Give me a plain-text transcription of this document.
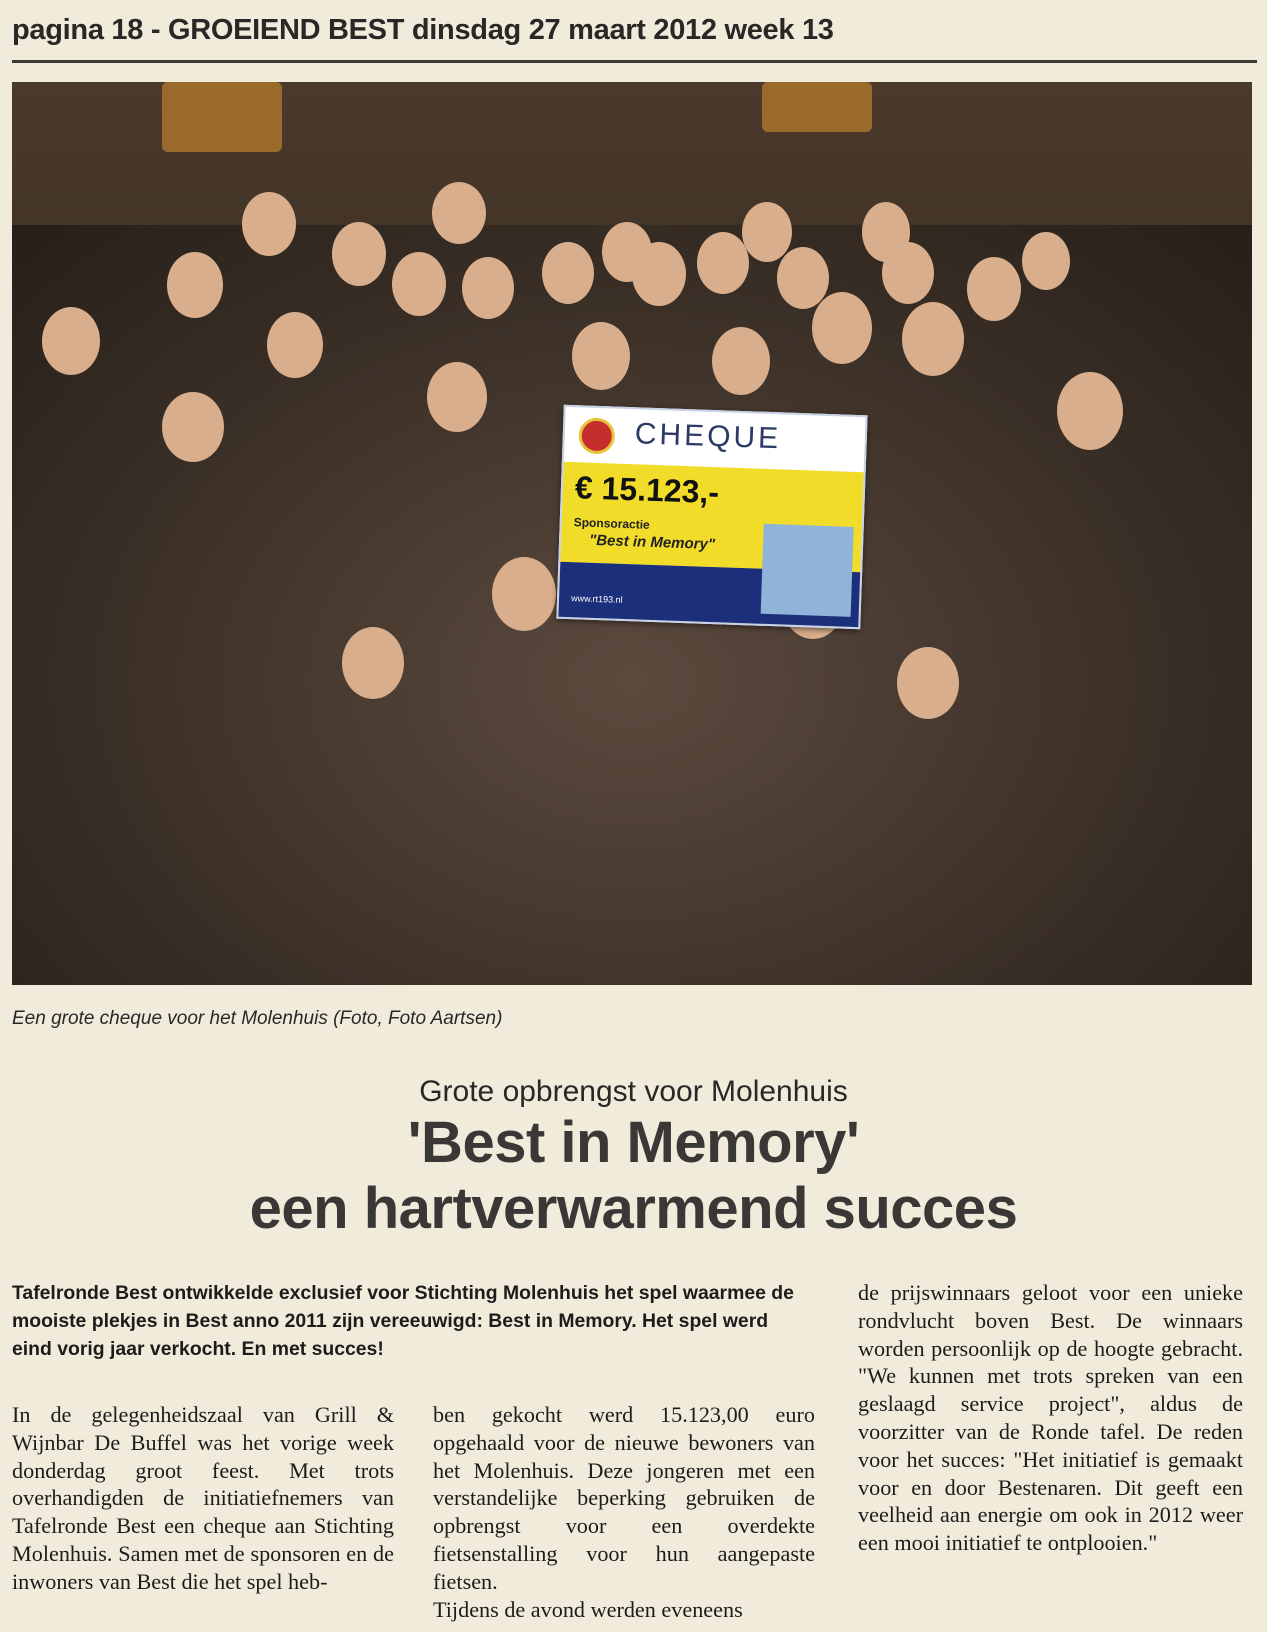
pagina 18 - GROEIEND BEST dinsdag 27 maart 2012 week 13
CHEQUE
€ 15.123,-
Sponsoractie
"Best in Memory"
www.rt193.nl
Een grote cheque voor het Molenhuis (Foto, Foto Aartsen)
Grote opbrengst voor Molenhuis
'Best in Memory'
een hartverwarmend succes
Tafelronde Best ontwikkelde exclusief voor Stichting Molenhuis het spel waarmee de mooiste plekjes in Best anno 2011 zijn vereeuwigd: Best in Memory. Het spel werd eind vorig jaar verkocht. En met succes!

In de gelegenheidszaal van Grill & Wijnbar De Buffel was het vorige week donderdag groot feest. Met trots overhandigden de initiatiefnemers van Tafelronde Best een cheque aan Stichting Molenhuis. Samen met de sponsoren en de inwoners van Best die het spel heb-

ben gekocht werd 15.123,00 euro opgehaald voor de nieuwe bewoners van het Molenhuis. Deze jongeren met een verstandelijke beperking gebruiken de opbrengst voor een overdekte fietsenstalling voor hun aangepaste fietsen.

Tijdens de avond werden eveneens

de prijswinnaars geloot voor een unieke rondvlucht boven Best. De winnaars worden persoonlijk op de hoogte gebracht. "We kunnen met trots spreken van een geslaagd service project", aldus de voorzitter van de Ronde tafel. De reden voor het succes: "Het initiatief is gemaakt voor en door Bestenaren. Dit geeft een veelheid aan energie om ook in 2012 weer een mooi initiatief te ontplooien."
